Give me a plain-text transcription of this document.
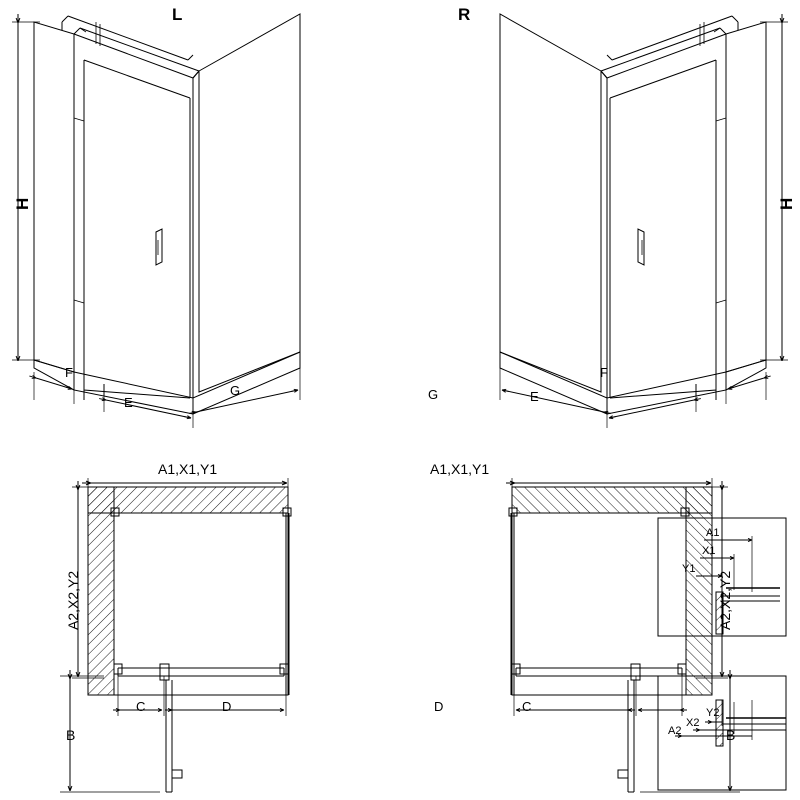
L	R
H	H
F
E
G	G	E
F
A1,X1,Y1
A2,X2,Y2
B
C	D
A1,X1,Y1
A2,X2,Y2
B
D	C
A1
X1
Y1
A2
X2
Y2
